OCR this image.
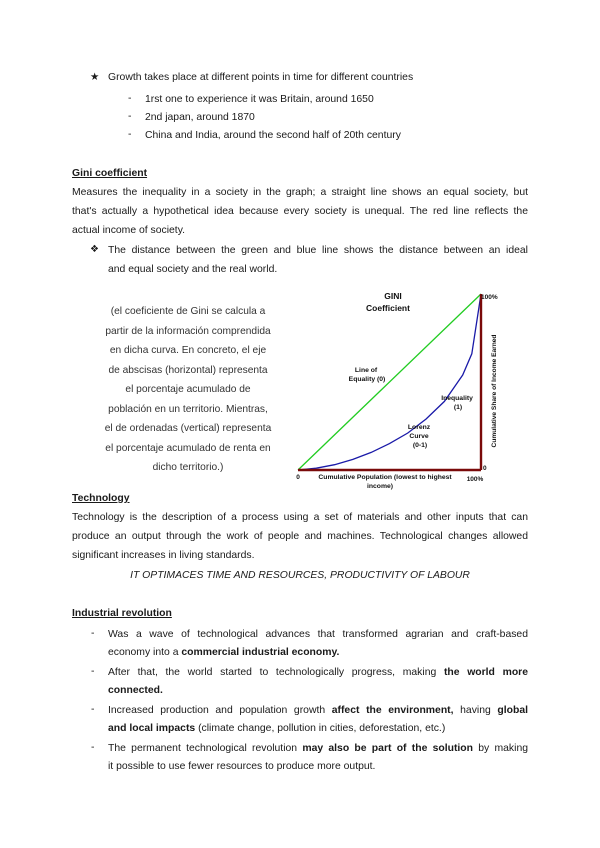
★ Growth takes place at different points in time for different countries
- 1rst one to experience it was Britain, around 1650
- 2nd japan, around 1870
- China and India, around the second half of 20th century
Gini coefficient
Measures the inequality in a society in the graph; a straight line shows an equal society, but
that's actually a hypothetical idea because every society is unequal. The red line reflects the
actual income of society.
❖ The distance between the green and blue line shows the distance between an ideal
and equal society and the real world.
(el coeficiente de Gini se calcula a
partir de la información comprendida
en dicha curva. En concreto, el eje
de abscisas (horizontal) representa
el porcentaje acumulado de
población en un territorio. Mientras,
el de ordenadas (vertical) representa
el porcentaje acumulado de renta en
dicho territorio.)
GINI
Coefficient
0	100%
0
100%
Cumulative Share of Income Earned
Cumulative Population (lowest to highest income)
Line of Equality (0)
Lorenz Curve (0-1)
Inequality (1)
Technology
Technology is the description of a process using a set of materials and other inputs that can
produce an output through the work of people and machines. Technological changes allowed
significant increases in living standards.
IT OPTIMACES TIME AND RESOURCES, PRODUCTIVITY OF LABOUR
Industrial revolution
- Was a wave of technological advances that transformed agrarian and craft-based
economy into a commercial industrial economy.
- After that, the world started to technologically progress, making the world more
connected.
- Increased production and population growth affect the environment, having global
and local impacts (climate change, pollution in cities, deforestation, etc.)
- The permanent technological revolution may also be part of the solution by making
it possible to use fewer resources to produce more output.
